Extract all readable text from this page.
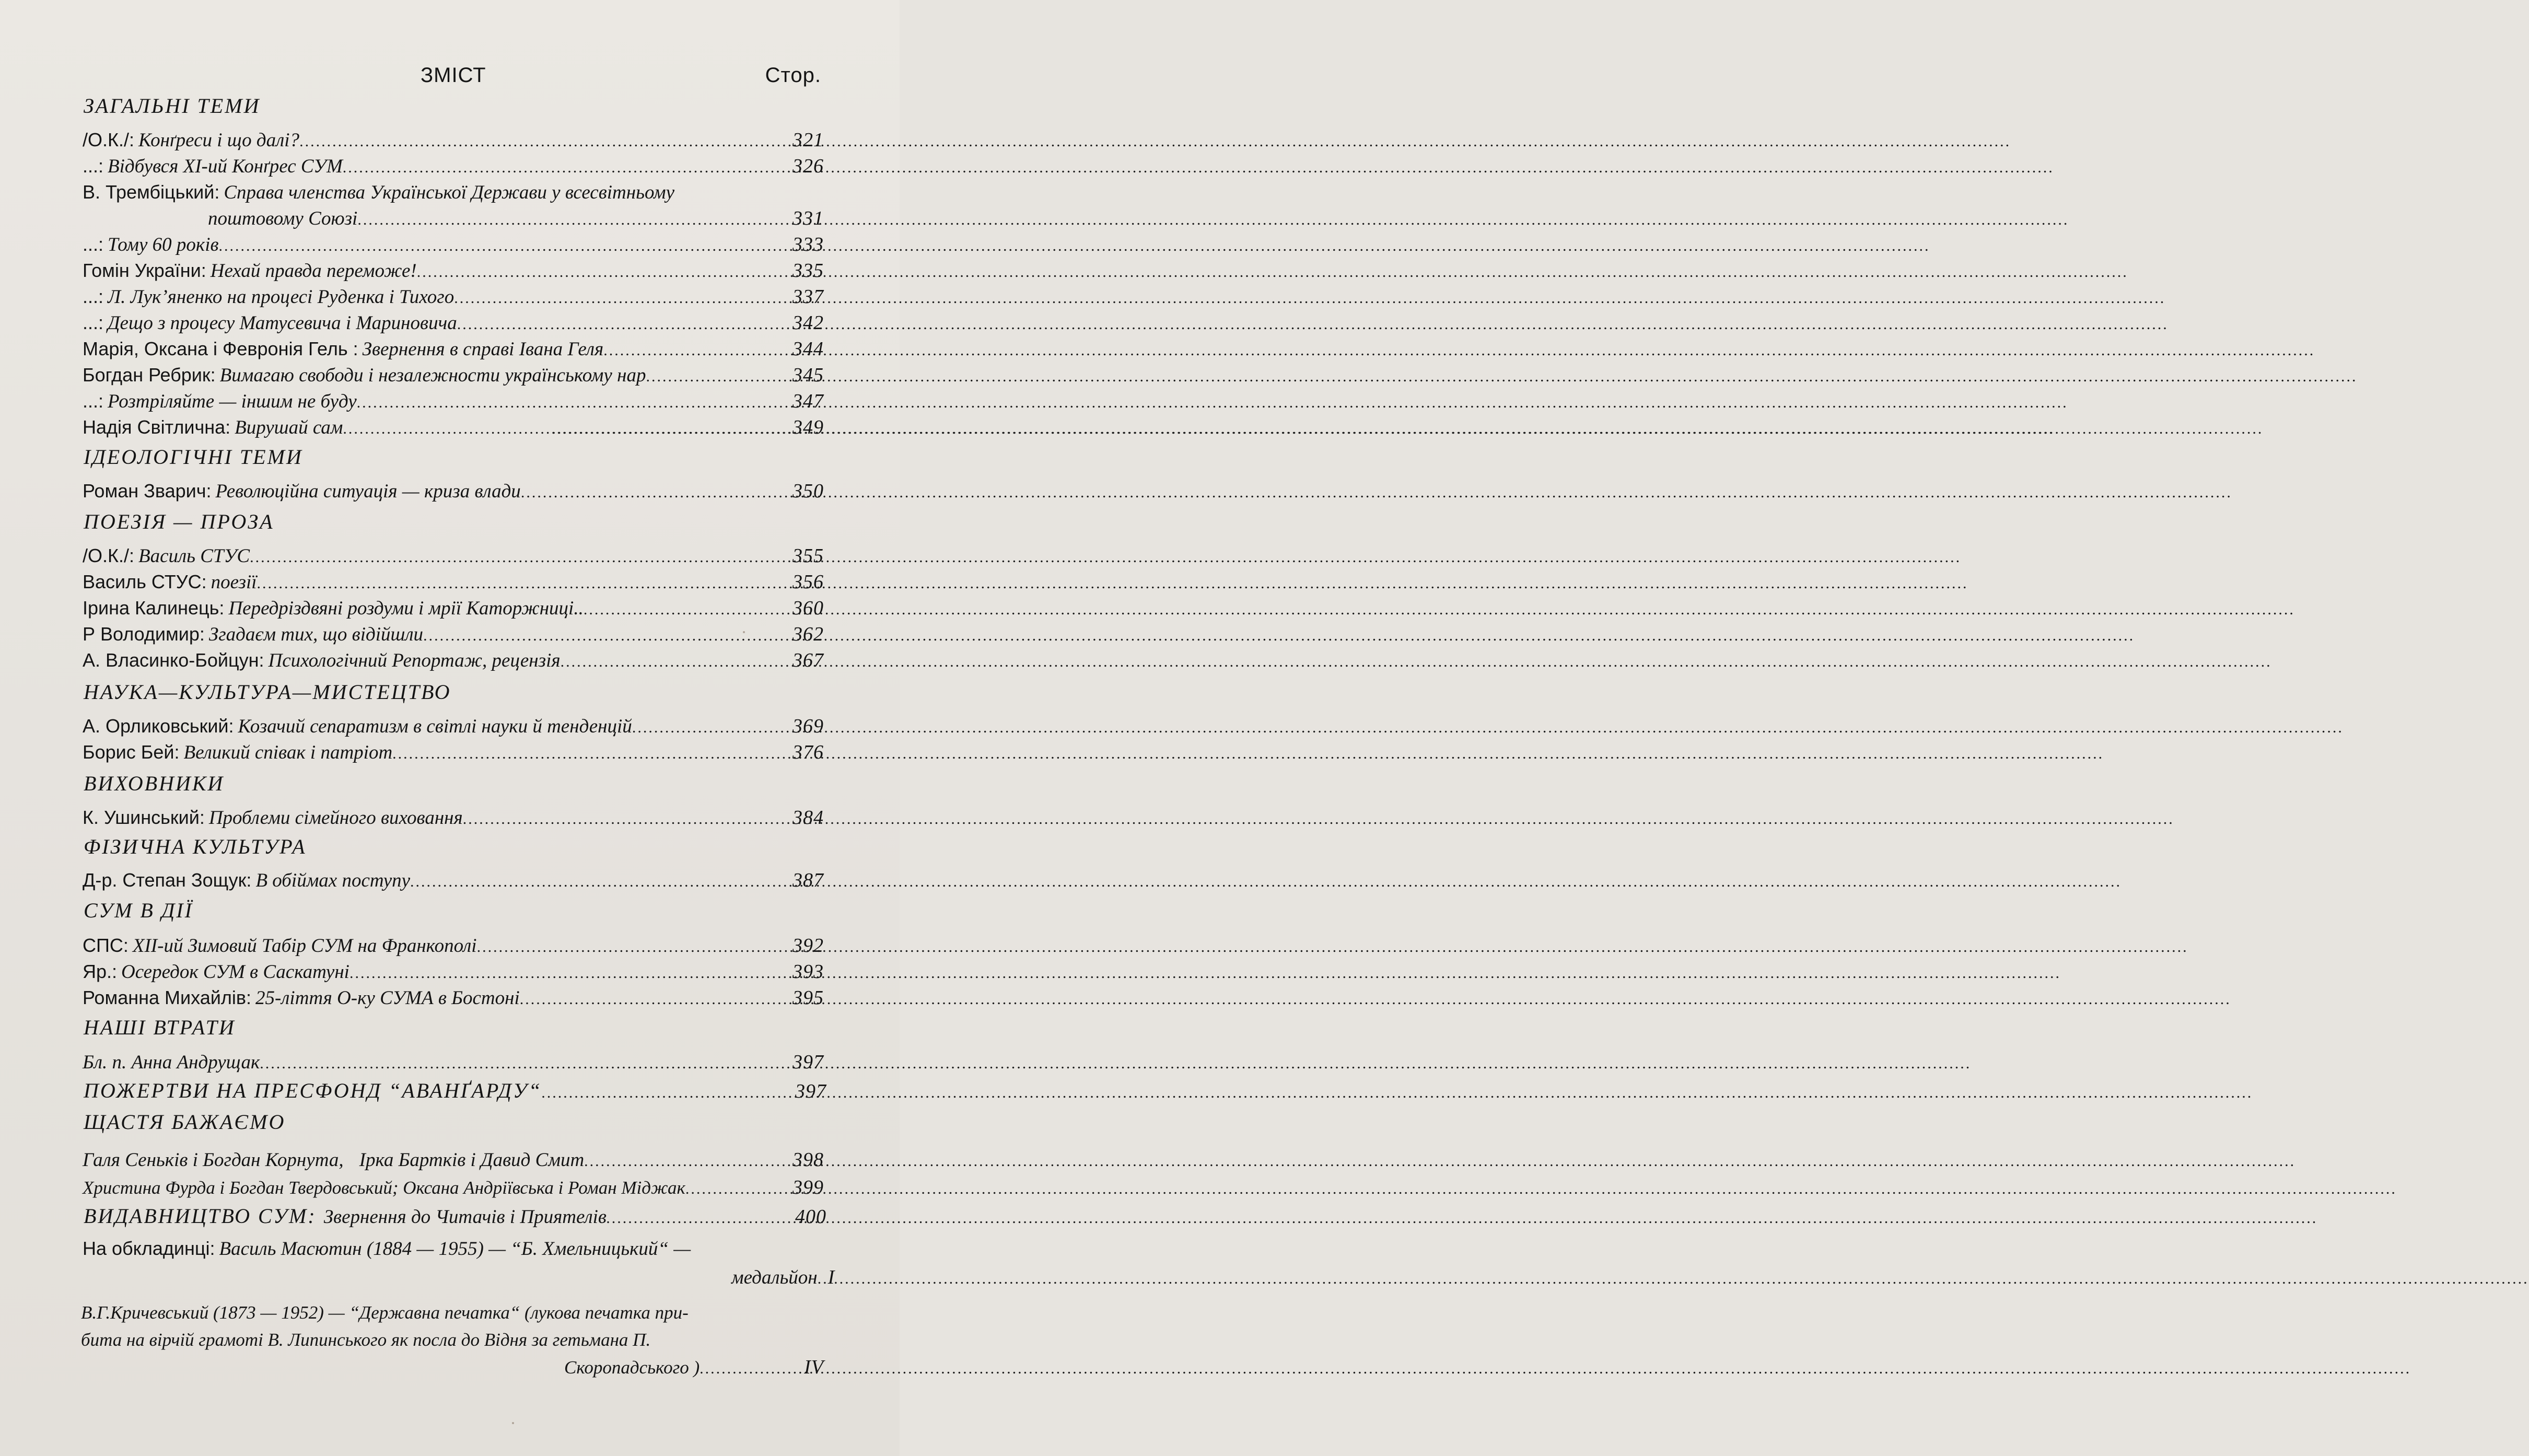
ЗМІСТ	Стор.
ЗАГАЛЬНІ ТЕМИ
/О.К./: Конґреси і що далі? .....	321
...: Відбувся XI-ий Конґрес СУМ .....	326
В. Трембіцький: Справа членства Української Держави у всесвітньому
поштовому Союзі .....	331
...: Тому 60 років .....	333
Гомін України: Нехай правда переможе! .....	335
...: Л. Лук’яненко на процесі Руденка і Тихого .....	337
...: Дещо з процесу Матусевича і Мариновича .....	342
Марія, Оксана і Февронія Гель : Звернення в справі Івана Геля .....	344
Богдан Ребрик: Вимагаю свободи і незалежности українському нар .....	345
...: Розтріляйте — іншим не буду .....	347
Надія Світлична: Вирушай сам ..... .....	349
ІДЕОЛОГІЧНІ ТЕМИ
Роман Зварич: Революційна ситуація — криза влади .....	350
ПОЕЗІЯ — ПРОЗА
/О.К./: Василь СТУС .....	355
Василь СТУС: поезії .....	356
Ірина Калинець: Передріздвяні роздуми і мрії Каторжниці.. .....	360
Р Володимир: Згадаєм тих, що відійшли .....	362
А. Власинко-Бойцун: Психологічний Репортаж, рецензія .....	367
НАУКА—КУЛЬТУРА—МИСТЕЦТВО
А. Орликовський: Козачий сепаратизм в світлі науки й тенденцій .....	369
Борис Бей: Великий співак і патріот .....	376
ВИХОВНИКИ
К. Ушинський: Проблеми сімейного виховання .....	384
ФІЗИЧНА КУЛЬТУРА
Д-р. Степан Зощук: В обіймах поступу .....	387
СУМ В ДІЇ
СПС: XII-ий Зимовий Табір СУМ на Франкополі .....	392
Яр.: Осередок СУМ в Саскатуні .....	393
Романна Михайлів: 25-ліття О-ку СУМА в Бостоні .....	395
НАШІ ВТРАТИ
Бл. п. Анна Андрущак .....	397
ПОЖЕРТВИ НА ПРЕСФОНД “АВАНҐАРДУ“ .....	397
ЩАСТЯ БАЖАЄМО
Галя Сеньків і Богдан Корнута, Ірка Бартків і Давид Смит .....	398
Христина Фурда і Богдан Твердовський; Оксана Андріївська і Роман Міджак .....	399
ВИДАВНИЦТВО СУМ: Звернення до Читачів і Приятелів .....	400
На обкладинці: Василь Масютин (1884 — 1955) — “Б. Хмельницький“ —
медальйон ..... I
В.Г.Кричевський (1873 — 1952) — “Державна печатка“ (лукова печатка при-
бита на вірчій грамоті В. Липинського як посла до Відня за гетьмана П.
Скоропадського ) .....	IV
